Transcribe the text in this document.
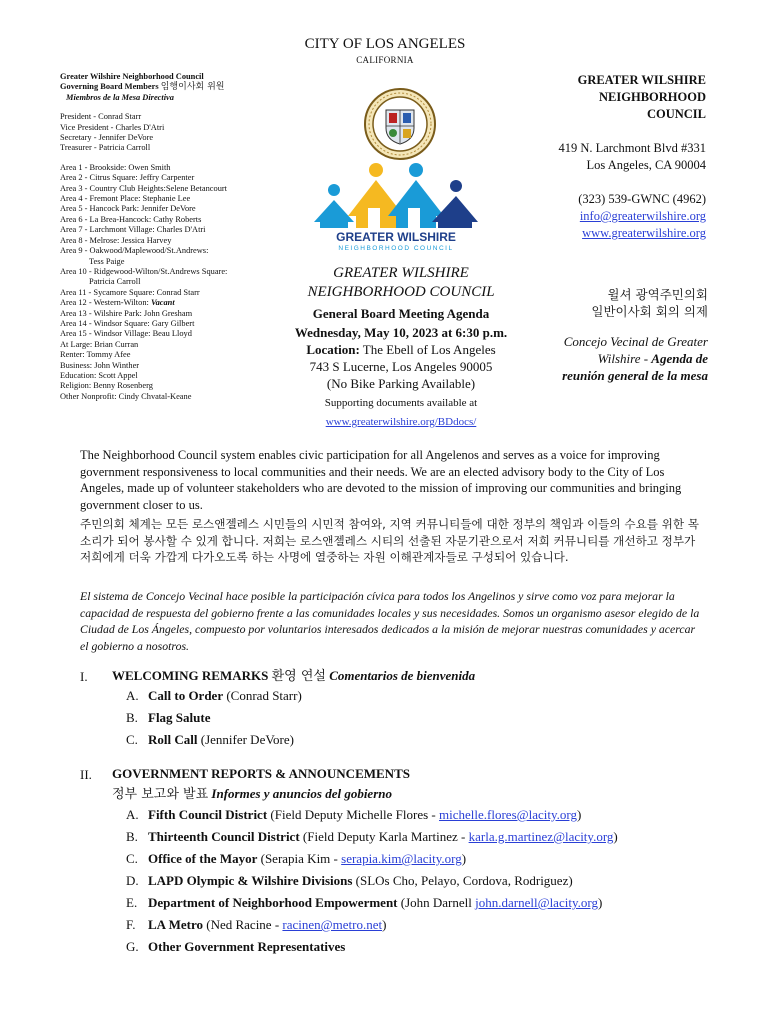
CITY OF LOS ANGELES
CALIFORNIA
Greater Wilshire Neighborhood Council
Governing Board Members 임행이사회 위원
Miembros de la Mesa Directiva
President - Conrad Starr
Vice President - Charles D'Atri
Secretary - Jennifer DeVore
Treasurer - Patricia Carroll
Area 1 - Brookside: Owen Smith
Area 2 - Citrus Square: Jeffry Carpenter
Area 3 - Country Club Heights:Selene Betancourt
Area 4 - Fremont Place: Stephanie Lee
Area 5 - Hancock Park: Jennifer DeVore
Area 6 - La Brea-Hancock: Cathy Roberts
Area 7 - Larchmont Village: Charles D'Atri
Area 8 - Melrose: Jessica Harvey
Area 9 - Oakwood/Maplewood/St.Andrews:
Tess Paige
Area 10 - Ridgewood-Wilton/St.Andrews Square:
Patricia Carroll
Area 11 - Sycamore Square: Conrad Starr
Area 12 - Western-Wilton: Vacant
Area 13 - Wilshire Park: John Gresham
Area 14 - Windsor Square: Gary Gilbert
Area 15 - Windsor Village: Beau Lloyd
At Large: Brian Curran
Renter: Tommy Afee
Business: John Winther
Education: Scott Appel
Religion: Benny Rosenberg
Other Nonprofit: Cindy Chvatal-Keane
GREATER WILSHIRE
NEIGHBORHOOD COUNCIL
GREATER WILSHIRE
NEIGHBORHOOD
COUNCIL
419 N. Larchmont Blvd #331
Los Angeles, CA 90004
(323) 539-GWNC (4962)
info@greaterwilshire.org
www.greaterwilshire.org
GREATER WILSHIRE
NEIGHBORHOOD COUNCIL
General Board Meeting Agenda
Wednesday, May 10, 2023 at 6:30 p.m.
Location: The Ebell of Los Angeles
743 S Lucerne, Los Angeles 90005
(No Bike Parking Available)
Supporting documents available at
www.greaterwilshire.org/BDdocs/
윌셔 광역주민의회
일반이사회 회의 의제
Concejo Vecinal de Greater
Wilshire - Agenda de
reunión general de la mesa
The Neighborhood Council system enables civic participation for all Angelenos and serves as a voice for improving government responsiveness to local communities and their needs. We are an elected advisory body to the City of Los Angeles, made up of volunteer stakeholders who are devoted to the mission of improving our communities and bringing government closer to us.
주민의회 체계는 모든 로스앤젤레스 시민들의 시민적 참여와, 지역 커뮤니티들에 대한 정부의 책임과 이들의 수요를 위한 목소리가 되어 봉사할 수 있게 합니다. 저희는 로스앤젤레스 시티의 선출된 자문기관으로서 저희 커뮤니티를 개선하고 정부가 저희에게 더욱 가깝게 다가오도록 하는 사명에 열중하는 자원 이해관계자들로 구성되어 있습니다.
El sistema de Concejo Vecinal hace posible la participación cívica para todos los Angelinos y sirve como voz para mejorar la capacidad de respuesta del gobierno frente a las comunidades locales y sus necesidades. Somos un organismo asesor elegido de la Ciudad de Los Ángeles, compuesto por voluntarios interesados dedicados a la misión de mejorar nuestras comunidades y acercar el gobierno a nosotros.
I. WELCOMING REMARKS 환영 연설 Comentarios de bienvenida
A. Call to Order (Conrad Starr)
B. Flag Salute
C. Roll Call (Jennifer DeVore)
II. GOVERNMENT REPORTS & ANNOUNCEMENTS
정부 보고와 발표 Informes y anuncios del gobierno
A. Fifth Council District (Field Deputy Michelle Flores - michelle.flores@lacity.org)
B. Thirteenth Council District (Field Deputy Karla Martinez - karla.g.martinez@lacity.org)
C. Office of the Mayor (Serapia Kim - serapia.kim@lacity.org)
D. LAPD Olympic & Wilshire Divisions (SLOs Cho, Pelayo, Cordova, Rodriguez)
E. Department of Neighborhood Empowerment (John Darnell john.darnell@lacity.org)
F. LA Metro (Ned Racine - racinen@metro.net)
G. Other Government Representatives
